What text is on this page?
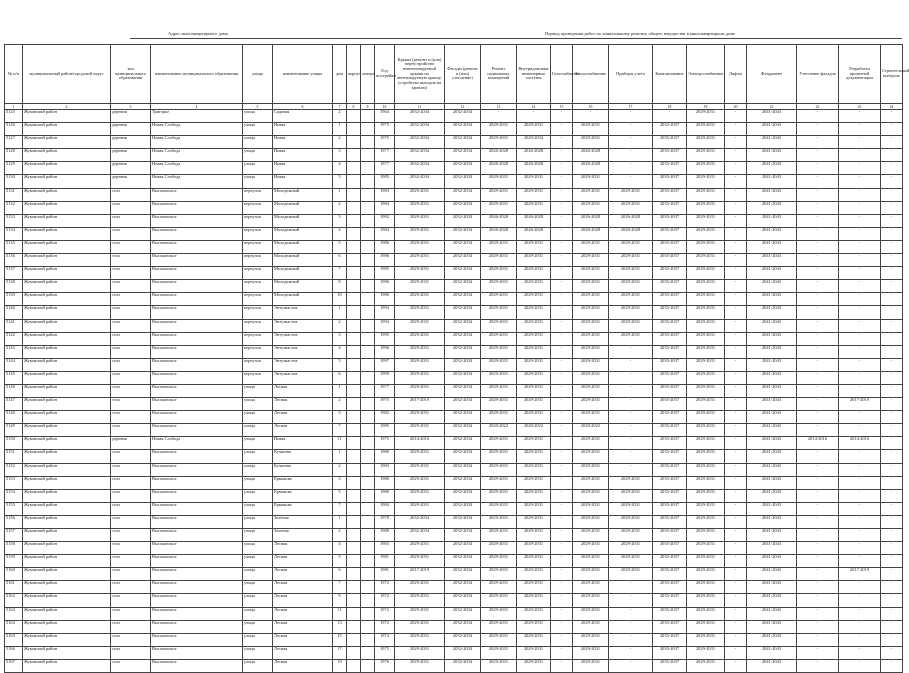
Адрес многоквартирного дома	Период проведения работ по капитальному ремонту общего имущества в многоквартирном доме
№ п/п	муниципальный район/городской округ	тип муниципального образования	наименование муниципального образования	улица	наименование улицы	дом	корпус	литера	Год постройки	Крыша (ремонт и (или) переустройство невентилируемой крыши на вентилируемую крышу, устройство выходов на кровлю)	Фасады (ремонт и (или) утепление)	Ремонт подвальных помещений	Внутридомовые инженерные системы	Газоснабжение	Теплоснабжение	Приборы учета	Канализование	Электроснабжение	Лифты	Фундамент	Утепление фасадов	Разработка проектной документации	Строительный контроль
1	2	3	4	5	6	7	8	9	10	11	12	13	14	15	16	17	18	19	20	21	22	23	24
5125	Жуковский район	деревня	Тригорье	улица	Садовая	2			1964	2032-2034	2032-2034	-	-	-	-	-	-	2029-2031	-	2041-2043	-	-	-
5126	Жуковский район	деревня	Новая Слобода	улица	Новая	1			1975	2032-2034	2032-2034	2029-2031	2029-2031	-	2029-2031	-	2032-2037	2029-2031	-	2041-2043	-	-	-
5127	Жуковский район	деревня	Новая Слобода	улица	Новая	2			1975	2032-2034	2032-2034	2029-2031	2029-2034	-	2029-2031	-	2035-2037	2029-2031	-	2041-2043	-	-	-
5128	Жуковский район	деревня	Новая Слобода	улица	Новая	3			1977	2032-2034	2032-2034	2026-2028	2026-2028	-	2026-2028	-	2035-2037	2029-2031	-	2041-2043	-	-	-
5129	Жуковский район	деревня	Новая Слобода	улица	Новая	4			1977	2032-2034	2032-2034	2026-2028	2026-2028	-	2026-2028	-	2035-2037	2029-2031	-	2041-2043	-	-	-
5130	Жуковский район	деревня	Новая Слобода	улица	Новая	5			1985	2032-2034	2032-2034	2029-2031	2029-2031	-	2029-2031	-	2035-2037	2029-2031	-	2041-2043	-	-	-
5131	Жуковский район	село	Высоконское	переулок	Молодежный	1			1983	2029-2031	2032-2034	2029-2031	2029-2031	-	2029-2031	2029-2031	2035-2037	2029-2031	-	2041-2043	-	-	-
5132	Жуковский район	село	Высоконское	переулок	Молодежный	2			1984	2029-2031	2032-2034	2029-2031	2029-2031	-	2029-2031	2029-2031	2035-2037	2029-2031	-	2041-2043	-	-	-
5133	Жуковский район	село	Высоконское	переулок	Молодежный	3			1982	2029-2031	2032-2034	2026-2028	2026-2028	-	2026-2028	2026-2028	2035-2037	2029-2031	-	2041-2043	-	-	-
5134	Жуковский район	село	Высоконское	переулок	Молодежный	4			1984	2029-2031	2032-2034	2026-2028	2026-2028	-	2026-2028	2026-2028	2035-2037	2029-2031	-	2041-2043	-	-	-
5135	Жуковский район	село	Высоконское	переулок	Молодежный	5			1986	2029-2031	2032-2034	2029-2031	2029-2031	-	2029-2031	2029-2031	2035-2037	2029-2031	-	2041-2043	-	-	-
5136	Жуковский район	село	Высоконское	переулок	Молодежный	6			1986	2029-2031	2032-2034	2029-2031	2029-2031	-	2029-2031	2029-2031	2035-2037	2029-2031	-	2041-2043	-	-	-
5137	Жуковский район	село	Высоконское	переулок	Молодежный	7			1985	2029-2031	2032-2034	2029-2031	2029-2031	-	2029-2031	2029-2031	2035-2037	2029-2031	-	2041-2043	-	-	-
5138	Жуковский район	село	Высоконское	переулок	Молодежный	8			1986	2029-2031	2032-2034	2029-2031	2029-2031	-	2029-2031	2029-2031	2035-2037	2029-2031	-	2041-2043	-	-	-
5139	Жуковский район	село	Высоконское	переулок	Молодежный	10			1986	2029-2031	2032-2034	2029-2031	2029-2031	-	2029-2031	2029-2031	2035-2037	2029-2031	-	2041-2043	-	-	-
5140	Жуковский район	село	Высоконское	переулок	Энтузиастов	1			1994	2029-2031	2032-2034	2029-2031	2029-2031	-	2029-2031	2029-2031	2035-2037	2029-2031	-	2041-2043	-	-	-
5141	Жуковский район	село	Высоконское	переулок	Энтузиастов	2			1994	2029-2031	2032-2034	2029-2031	2029-2031	-	2029-2031	2029-2031	2035-2037	2029-2031	-	2041-2043	-	-	-
5142	Жуковский район	село	Высоконское	переулок	Энтузиастов	3			1995	2029-2031	2032-2034	2029-2031	2029-2031	-	2029-2031	2029-2031	2035-2037	2029-2031	-	2041-2043	-	-	-
5143	Жуковский район	село	Высоконское	переулок	Энтузиастов	4			1996	2029-2031	2032-2034	2029-2031	2029-2031	-	2029-2031	-	2035-2037	2029-2031	-	2041-2043	-	-	-
5144	Жуковский район	село	Высоконское	переулок	Энтузиастов	5			1997	2029-2031	2032-2034	2029-2031	2029-2031	-	2029-2031	-	2035-2037	2029-2031	-	2041-2043	-	-	-
5145	Жуковский район	село	Высоконское	переулок	Энтузиастов	6			1999	2029-2031	2032-2034	2029-2031	2029-2031	-	2029-2031	-	2035-2037	2029-2031	-	2041-2043	-	-	-
5146	Жуковский район	село	Высоконское	улица	Лесная	1			1977	2029-2031	2032-2034	2029-2031	2029-2031	-	2029-2031	-	2035-2037	2029-2031	-	2041-2043	-	-	-
5147	Жуковский район	село	Высоконское	улица	Лесная	2			1975	2017-2019	2032-2034	2029-2031	2029-2031	-	2029-2031	-	2035-2037	2029-2031	-	2041-2043	-	2017-2019	-
5148	Жуковский район	село	Высоконское	улица	Лесная	3			1982	2029-2031	2032-2034	2029-2031	2029-2031	-	2029-2031	-	2035-2037	2029-2031	-	2041-2043	-	-	-
5149	Жуковский район	село	Высоконское	улица	Лесная	7			1985	2029-2031	2032-2034	2020-2022	2020-2022	-	2020-2022	-	2035-2037	2029-2031	-	2041-2043	-	-	-
5150	Жуковский район	деревня	Новая Слобода	улица	Новая	11			1975	2014-2016	2032-2034	2029-2031	2029-2031	-	2029-2031	-	2035-2037	2029-2031	-	2041-2043	2014-2016	2014-2016	-
5151	Жуковский район	село	Высоконское	улица	Кучкеева	1			1980	2029-2031	2032-2034	2029-2031	2029-2031	-	2029-2031	-	2035-2037	2029-2031	-	2041-2043	-	-	-
5152	Жуковский район	село	Высоконское	улица	Кучкеева	2			1983	2029-2031	2032-2034	2029-2031	2029-2031	-	2029-2031	-	2035-2037	2029-2031	-	2041-2043	-	-	-
5153	Жуковский район	село	Высоконское	улица	Ермакова	3			1980	2029-2031	2032-2034	2029-2031	2029-2031	-	2029-2031	2029-2031	2035-2037	2029-2031	-	2041-2043	-	-	-
5154	Жуковский район	село	Высоконское	улица	Ермакова	5			1980	2029-2031	2032-2034	2029-2031	2029-2031	-	2029-2031	2029-2031	2035-2037	2029-2031	-	2041-2043	-	-	-
5155	Жуковский район	село	Высоконское	улица	Ермакова	7			1984	2029-2031	2032-2034	2029-2031	2029-2031	-	2029-2031	2029-2031	2035-2037	2029-2031	-	2041-2043	-	-	-
5156	Жуковский район	село	Высоконское	улица	Зеленая	1			1978	2032-2034	2032-2034	2029-2031	2029-2031	-	2029-2031	2029-2031	2035-2037	2029-2031	-	2041-2043	-	-	-
5157	Жуковский район	село	Высоконское	улица	Зеленая	2			1980	2032-2034	2032-2034	2029-2031	2029-2031	-	2029-2031	2029-2031	2035-2037	2029-2031	-	2041-2043	-	-	-
5158	Жуковский район	село	Высоконское	улица	Лесная	4			1983	2029-2031	2032-2034	2029-2031	2029-2031	-	2029-2031	2029-2031	2035-2037	2029-2031	-	2041-2043	-	-	-
5159	Жуковский район	село	Высоконское	улица	Лесная	5			1981	2029-2031	2032-2034	2029-2031	2029-2031	-	2029-2031	2029-2031	2035-2037	2029-2031	-	2041-2043	-	-	-
5160	Жуковский район	село	Высоконское	улица	Лесная	6			1981	2017-2019	2032-2034	2029-2031	2029-2031	-	2029-2031	2029-2031	2035-2037	2029-2031	-	2041-2043	-	2017-2019	-
5161	Жуковский район	село	Высоконское	улица	Лесная	7			1972	2029-2031	2032-2034	2029-2031	2029-2031	-	2029-2031	-	2035-2037	2029-2031	-	2041-2043	-	-	-
5162	Жуковский район	село	Высоконское	улица	Лесная	9			1972	2029-2031	2032-2034	2029-2031	2029-2031	-	2029-2031	-	2035-2037	2029-2031	-	2041-2043	-	-	-
5163	Жуковский район	село	Высоконское	улица	Лесная	11			1972	2029-2031	2032-2034	2029-2031	2029-2031	-	2029-2031	-	2035-2037	2029-2031	-	2041-2043	-	-	-
5164	Жуковский район	село	Высоконское	улица	Лесная	13			1972	2029-2031	2032-2034	2029-2031	2029-2031	-	2029-2031	-	2035-2037	2029-2031	-	2041-2043	-	-	-
5165	Жуковский район	село	Высоконское	улица	Лесная	15			1974	2029-2031	2032-2034	2029-2031	2029-2031	-	2029-2031	-	2035-2037	2029-2031	-	2041-2043	-	-	-
5166	Жуковский район	село	Высоконское	улица	Лесная	17			1975	2029-2031	2032-2034	2029-2031	2029-2031	-	2029-2031	-	2035-2037	2029-2031	-	2041-2043	-	-	-
5167	Жуковский район	село	Высоконское	улица	Лесная	19			1976	2029-2031	2032-2034	2029-2031	2029-2031	-	2029-2031	-	2035-2037	2029-2031	-	2041-2043	-	-	-
